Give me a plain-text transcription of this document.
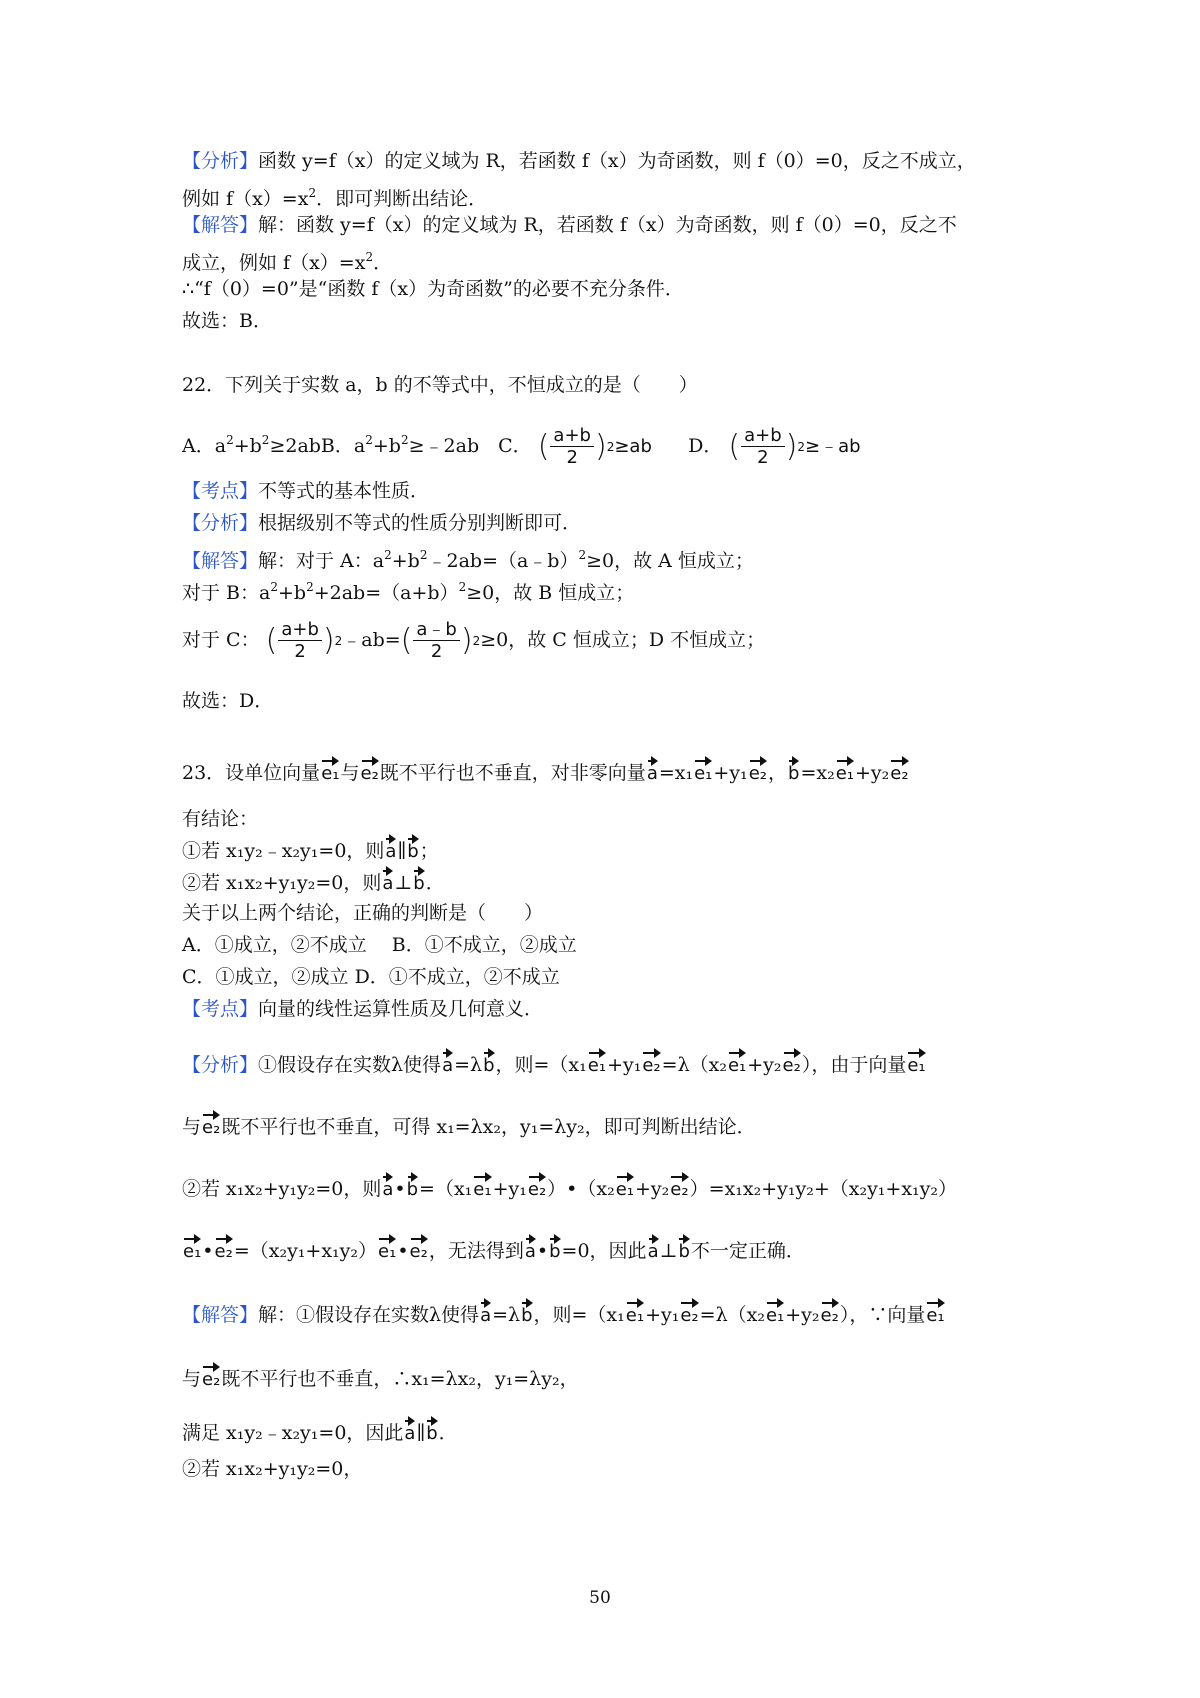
【分析】函数 y=f（x）的定义域为 R，若函数 f（x）为奇函数，则 f（0）=0，反之不成立，
例如 $f(x)=x^2$．即可判断出结论．
【解答】解：函数 y=f（x）的定义域为 R，若函数 f（x）为奇函数，则 f（0）=0，反之不
成立，例如 $f(x)=x^2$．
∴“f（0）=0”是“函数 f（x）为奇函数”的必要不充分条件．
故选：B．
22．下列关于实数 a，b 的不等式中，不恒成立的是（　　）
A．$a^2+b^2\ge 2abB$．$a^2+b^2\ge﹣2ab$　C． ( $\frac{a+b}{2}$ ) 2 ≥ab D． ( $\frac{a+b}{2}$ ) 2 ≥﹣ab
【考点】不等式的基本性质．
【分析】根据级别不等式的性质分别判断即可．
【解答】解：对于 A：$a^2+b^2﹣2ab=(a﹣b)^2\ge 0$，故 A 恒成立；
对于 B：$a^2+b^2+2ab=(a+b)^2\ge 0$，故 B 恒成立；
对于 C： ( $\frac{a+b}{2}$ ) 2 ﹣ab= ( $\frac{a﹣b}{2}$ ) 2 ≥0，故 C 恒成立；D 不恒成立；
故选：D．
23．设单位向量e₁与e₂既不平行也不垂直，对非零向量a=x₁e₁+y₁e₂，b=x₂e₁+y₂e₂
有结论：
①若 x₁y₂﹣x₂y₁=0，则a∥b；
②若 x₁x₂+y₁y₂=0，则a⊥b．
关于以上两个结论，正确的判断是（　　）
A．①成立，②不成立　 B．①不成立，②成立
C．①成立，②成立 D．①不成立，②不成立
【考点】向量的线性运算性质及几何意义．
【分析】①假设存在实数λ使得a=λb，则=（x₁e₁+y₁e₂=λ（x₂e₁+y₂e₂），由于向量e₁
与e₂既不平行也不垂直，可得 x₁=λx₂，y₁=λy₂，即可判断出结论．
②若 x₁x₂+y₁y₂=0，则a•b=（x₁e₁+y₁e₂）•（x₂e₁+y₂e₂）=x₁x₂+y₁y₂+（x₂y₁+x₁y₂）
e₁•e₂=（x₂y₁+x₁y₂）e₁•e₂，无法得到a•b=0，因此a⊥b不一定正确．
【解答】解：①假设存在实数λ使得a=λb，则=（x₁e₁+y₁e₂=λ（x₂e₁+y₂e₂），∵向量e₁
与e₂既不平行也不垂直，∴x₁=λx₂，y₁=λy₂，
满足 x₁y₂﹣x₂y₁=0，因此a∥b．
②若 x₁x₂+y₁y₂=0，
50
